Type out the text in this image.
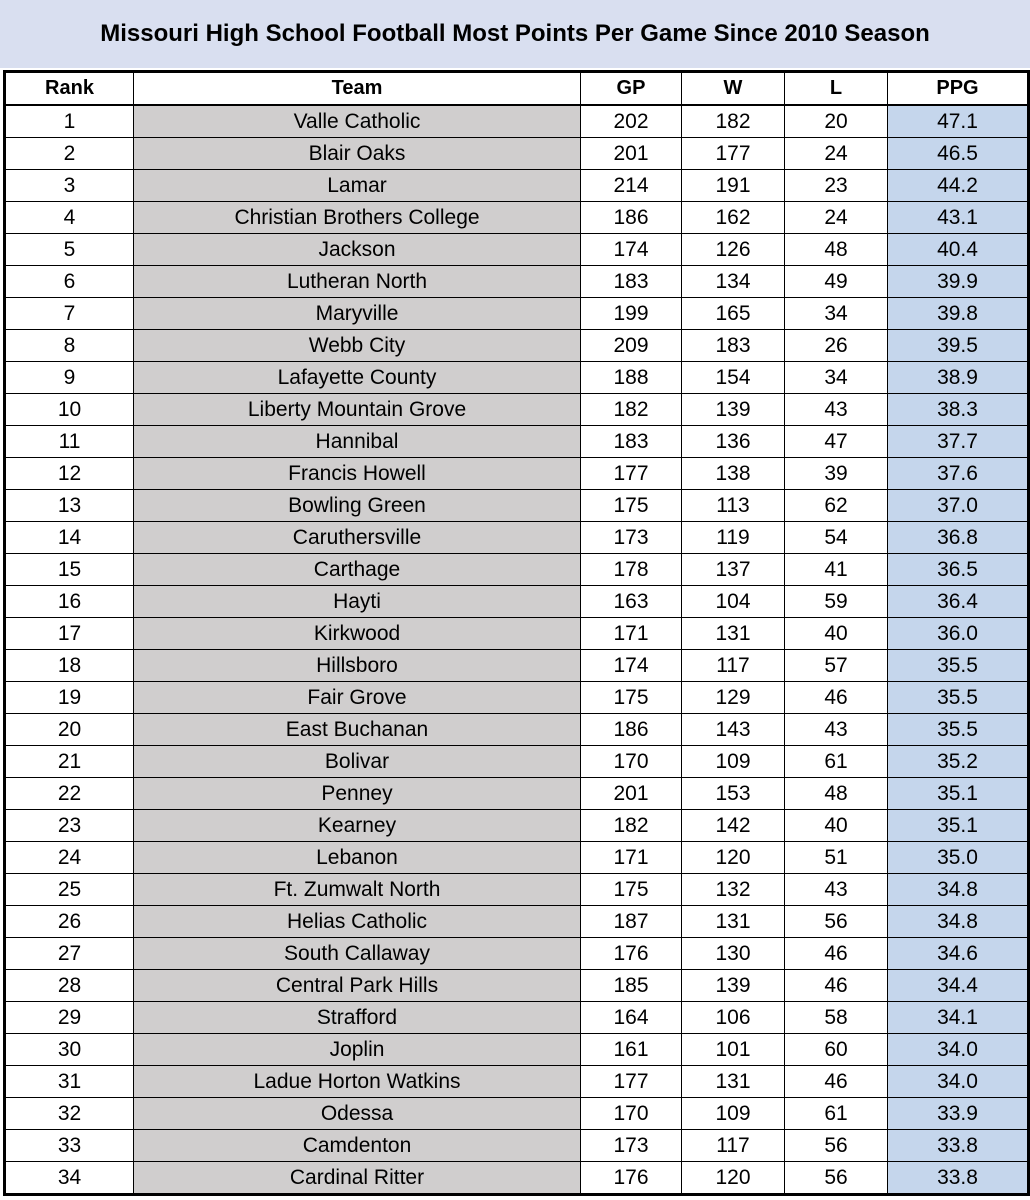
Missouri High School Football Most Points Per Game Since 2010 Season
Rank	Team	GP	W	L	PPG
1	Valle Catholic	202	182	20	47.1
2	Blair Oaks	201	177	24	46.5
3	Lamar	214	191	23	44.2
4	Christian Brothers College	186	162	24	43.1
5	Jackson	174	126	48	40.4
6	Lutheran North	183	134	49	39.9
7	Maryville	199	165	34	39.8
8	Webb City	209	183	26	39.5
9	Lafayette County	188	154	34	38.9
10	Liberty Mountain Grove	182	139	43	38.3
11	Hannibal	183	136	47	37.7
12	Francis Howell	177	138	39	37.6
13	Bowling Green	175	113	62	37.0
14	Caruthersville	173	119	54	36.8
15	Carthage	178	137	41	36.5
16	Hayti	163	104	59	36.4
17	Kirkwood	171	131	40	36.0
18	Hillsboro	174	117	57	35.5
19	Fair Grove	175	129	46	35.5
20	East Buchanan	186	143	43	35.5
21	Bolivar	170	109	61	35.2
22	Penney	201	153	48	35.1
23	Kearney	182	142	40	35.1
24	Lebanon	171	120	51	35.0
25	Ft. Zumwalt North	175	132	43	34.8
26	Helias Catholic	187	131	56	34.8
27	South Callaway	176	130	46	34.6
28	Central Park Hills	185	139	46	34.4
29	Strafford	164	106	58	34.1
30	Joplin	161	101	60	34.0
31	Ladue Horton Watkins	177	131	46	34.0
32	Odessa	170	109	61	33.9
33	Camdenton	173	117	56	33.8
34	Cardinal Ritter	176	120	56	33.8
